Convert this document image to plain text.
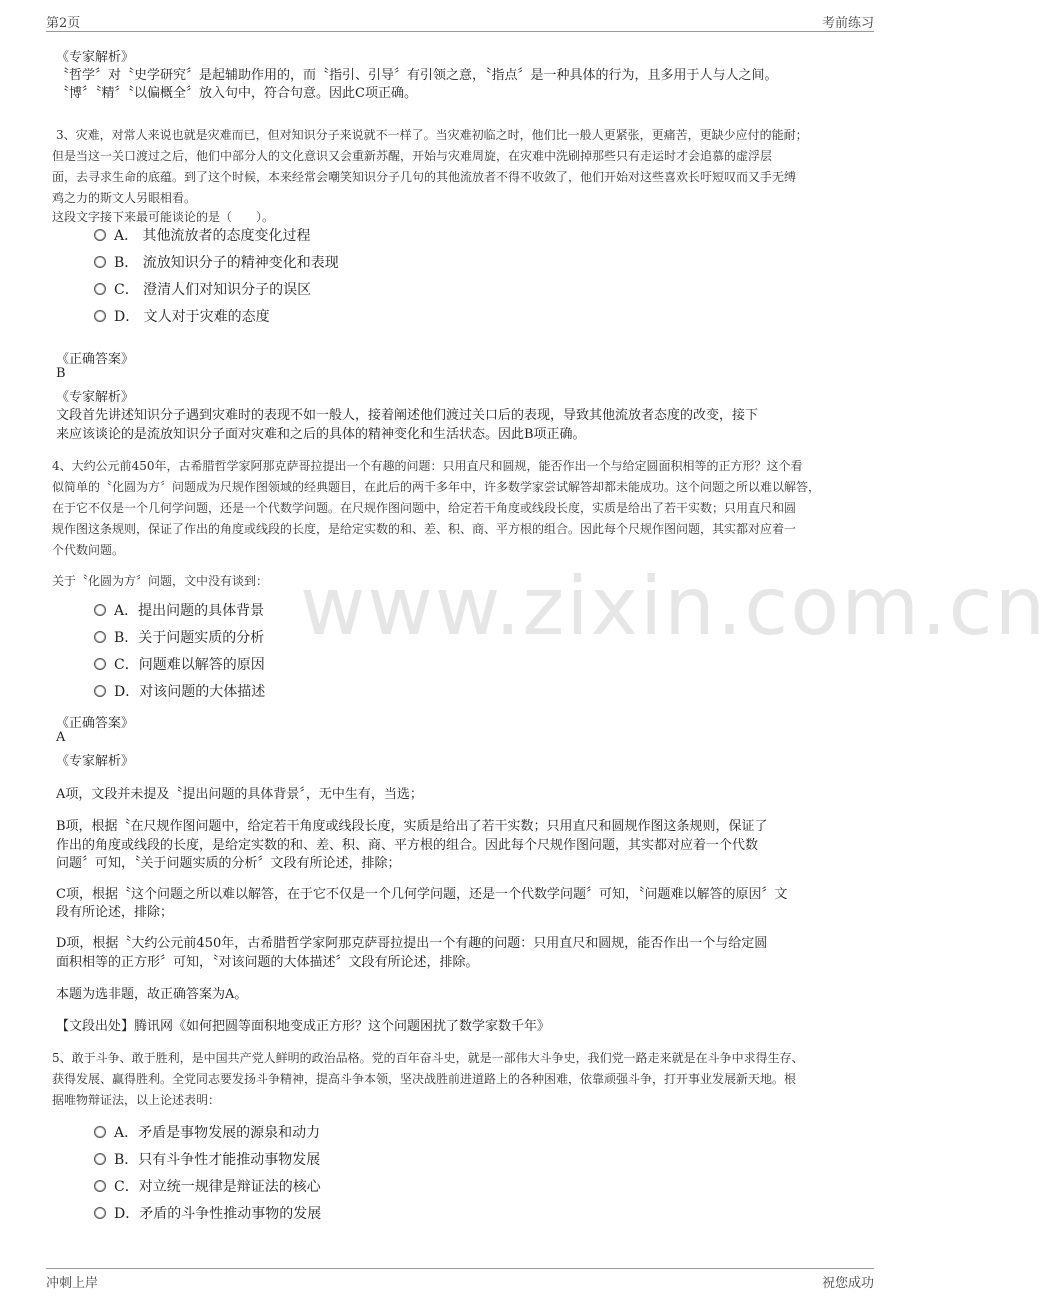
第2页	考前练习
www.zixin.com.cn
《专家解析》
〝哲学〞对〝史学研究〞是起辅助作用的，而〝指引、引导〞有引领之意，〝指点〞是一种具体的行为，且多用于人与人之间。
〝博〞〝精〞〝以偏概全〞放入句中，符合句意。因此C项正确。
3、灾难，对常人来说也就是灾难而已，但对知识分子来说就不一样了。当灾难初临之时，他们比一般人更紧张，更痛苦，更缺少应付的能耐；
但是当这一关口渡过之后，他们中部分人的文化意识又会重新苏醒，开始与灾难周旋，在灾难中洗刷掉那些只有走运时才会追慕的虚浮层
面，去寻求生命的底蕴。到了这个时候，本来经常会嘲笑知识分子几句的其他流放者不得不收敛了，他们开始对这些喜欢长吁短叹而又手无缚
鸡之力的斯文人另眼相看。
这段文字接下来最可能谈论的是（　　）。
A． 其他流放者的态度变化过程
B． 流放知识分子的精神变化和表现
C． 澄清人们对知识分子的误区
D． 文人对于灾难的态度
《正确答案》
B
《专家解析》
文段首先讲述知识分子遇到灾难时的表现不如一般人，接着阐述他们渡过关口后的表现，导致其他流放者态度的改变，接下
来应该谈论的是流放知识分子面对灾难和之后的具体的精神变化和生活状态。因此B项正确。
4、大约公元前450年，古希腊哲学家阿那克萨哥拉提出一个有趣的问题：只用直尺和圆规，能否作出一个与给定圆面积相等的正方形？这个看
似简单的〝化圆为方〞问题成为尺规作图领域的经典题目，在此后的两千多年中，许多数学家尝试解答却都未能成功。这个问题之所以难以解答，
在于它不仅是一个几何学问题，还是一个代数学问题。在尺规作图问题中，给定若干角度或线段长度，实质是给出了若干实数；只用直尺和圆
规作图这条规则，保证了作出的角度或线段的长度，是给定实数的和、差、积、商、平方根的组合。因此每个尺规作图问题，其实都对应着一
个代数问题。
关于〝化圆为方〞问题，文中没有谈到：
A．提出问题的具体背景
B．关于问题实质的分析
C．问题难以解答的原因
D．对该问题的大体描述
《正确答案》
A
《专家解析》
A项，文段并未提及〝提出问题的具体背景〞，无中生有，当选；
B项，根据〝在尺规作图问题中，给定若干角度或线段长度，实质是给出了若干实数；只用直尺和圆规作图这条规则，保证了
作出的角度或线段的长度，是给定实数的和、差、积、商、平方根的组合。因此每个尺规作图问题，其实都对应着一个代数
问题〞可知，〝关于问题实质的分析〞文段有所论述，排除；
C项，根据〝这个问题之所以难以解答，在于它不仅是一个几何学问题，还是一个代数学问题〞可知，〝问题难以解答的原因〞文
段有所论述，排除；
D项，根据〝大约公元前450年，古希腊哲学家阿那克萨哥拉提出一个有趣的问题：只用直尺和圆规，能否作出一个与给定圆
面积相等的正方形〞可知，〝对该问题的大体描述〞文段有所论述，排除。
本题为选非题，故正确答案为A。
【文段出处】腾讯网《如何把圆等面积地变成正方形？这个问题困扰了数学家数千年》
5、敢于斗争、敢于胜利，是中国共产党人鲜明的政治品格。党的百年奋斗史，就是一部伟大斗争史，我们党一路走来就是在斗争中求得生存、
获得发展、赢得胜利。全党同志要发扬斗争精神，提高斗争本领，坚决战胜前进道路上的各种困难，依靠顽强斗争，打开事业发展新天地。根
据唯物辩证法，以上论述表明：
A．矛盾是事物发展的源泉和动力
B．只有斗争性才能推动事物发展
C．对立统一规律是辩证法的核心
D．矛盾的斗争性推动事物的发展
冲刺上岸	祝您成功
